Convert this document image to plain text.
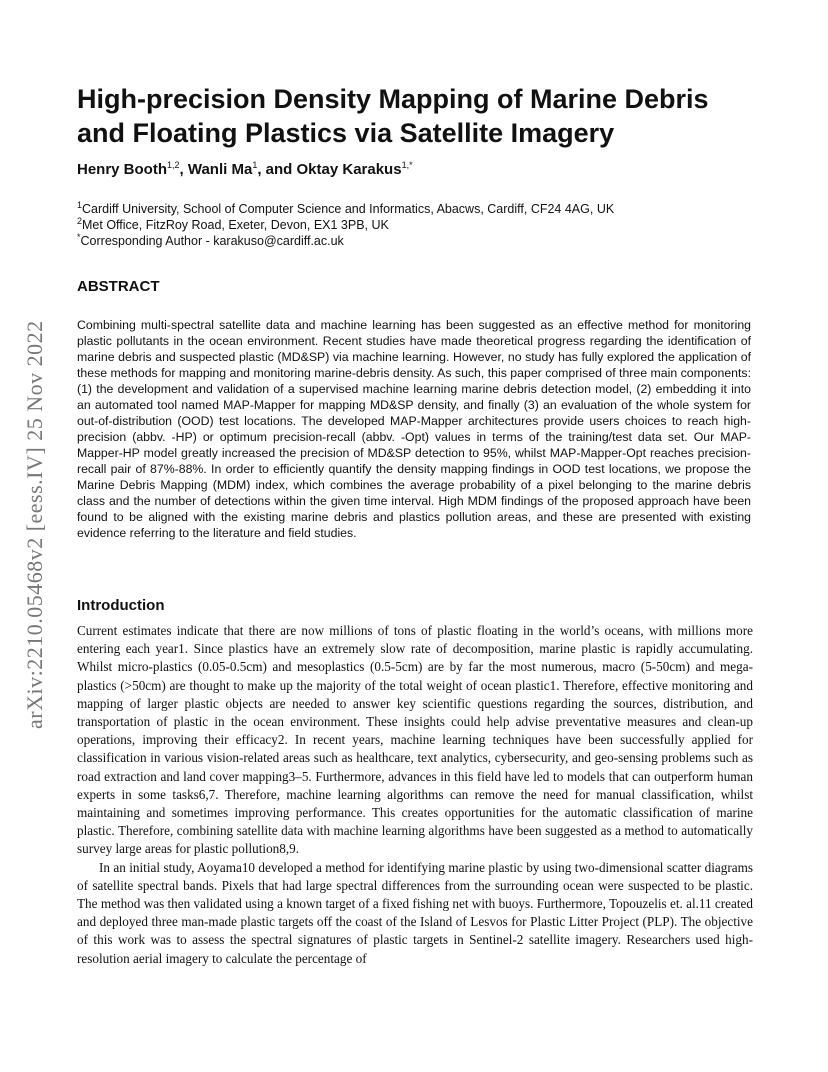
arXiv:2210.05468v2 [eess.IV] 25 Nov 2022
High-precision Density Mapping of Marine Debris and Floating Plastics via Satellite Imagery
Henry Booth$^{1,2}$, Wanli Ma$^1$, and Oktay Karakus$^{1,*}$
$^1$Cardiff University, School of Computer Science and Informatics, Abacws, Cardiff, CF24 4AG, UK
$^2$Met Office, FitzRoy Road, Exeter, Devon, EX1 3PB, UK
*Corresponding Author - karakuso@cardiff.ac.uk
ABSTRACT

Combining multi-spectral satellite data and machine learning has been suggested as an effective method for monitoring plastic pollutants in the ocean environment. Recent studies have made theoretical progress regarding the identification of marine debris and suspected plastic (MD&SP) via machine learning. However, no study has fully explored the application of these methods for mapping and monitoring marine-debris density. As such, this paper comprised of three main components: (1) the development and validation of a supervised machine learning marine debris detection model, (2) embedding it into an automated tool named MAP-Mapper for mapping MD&SP density, and finally (3) an evaluation of the whole system for out-of-distribution (OOD) test locations. The developed MAP-Mapper architectures provide users choices to reach high-precision (abbv. -HP) or optimum precision-recall (abbv. -Opt) values in terms of the training/test data set. Our MAP-Mapper-HP model greatly increased the precision of MD&SP detection to 95%, whilst MAP-Mapper-Opt reaches precision-recall pair of 87%-88%. In order to efficiently quantify the density mapping findings in OOD test locations, we propose the Marine Debris Mapping (MDM) index, which combines the average probability of a pixel belonging to the marine debris class and the number of detections within the given time interval. High MDM findings of the proposed approach have been found to be aligned with the existing marine debris and plastics pollution areas, and these are presented with existing evidence referring to the literature and field studies.

Introduction

Current estimates indicate that there are now millions of tons of plastic floating in the world’s oceans, with millions more entering each year1. Since plastics have an extremely slow rate of decomposition, marine plastic is rapidly accumulating. Whilst micro-plastics (0.05-0.5cm) and mesoplastics (0.5-5cm) are by far the most numerous, macro (5-50cm) and mega-plastics (>50cm) are thought to make up the majority of the total weight of ocean plastic1. Therefore, effective monitoring and mapping of larger plastic objects are needed to answer key scientific questions regarding the sources, distribution, and transportation of plastic in the ocean environment. These insights could help advise preventative measures and clean-up operations, improving their efficacy2. In recent years, machine learning techniques have been successfully applied for classification in various vision-related areas such as healthcare, text analytics, cybersecurity, and geo-sensing problems such as road extraction and land cover mapping3–5. Furthermore, advances in this field have led to models that can outperform human experts in some tasks6,7. Therefore, machine learning algorithms can remove the need for manual classification, whilst maintaining and sometimes improving performance. This creates opportunities for the automatic classification of marine plastic. Therefore, combining satellite data with machine learning algorithms have been suggested as a method to automatically survey large areas for plastic pollution8,9.

In an initial study, Aoyama10 developed a method for identifying marine plastic by using two-dimensional scatter diagrams of satellite spectral bands. Pixels that had large spectral differences from the surrounding ocean were suspected to be plastic. The method was then validated using a known target of a fixed fishing net with buoys. Furthermore, Topouzelis et. al.11 created and deployed three man-made plastic targets off the coast of the Island of Lesvos for Plastic Litter Project (PLP). The objective of this work was to assess the spectral signatures of plastic targets in Sentinel-2 satellite imagery. Researchers used high-resolution aerial imagery to calculate the percentage of
